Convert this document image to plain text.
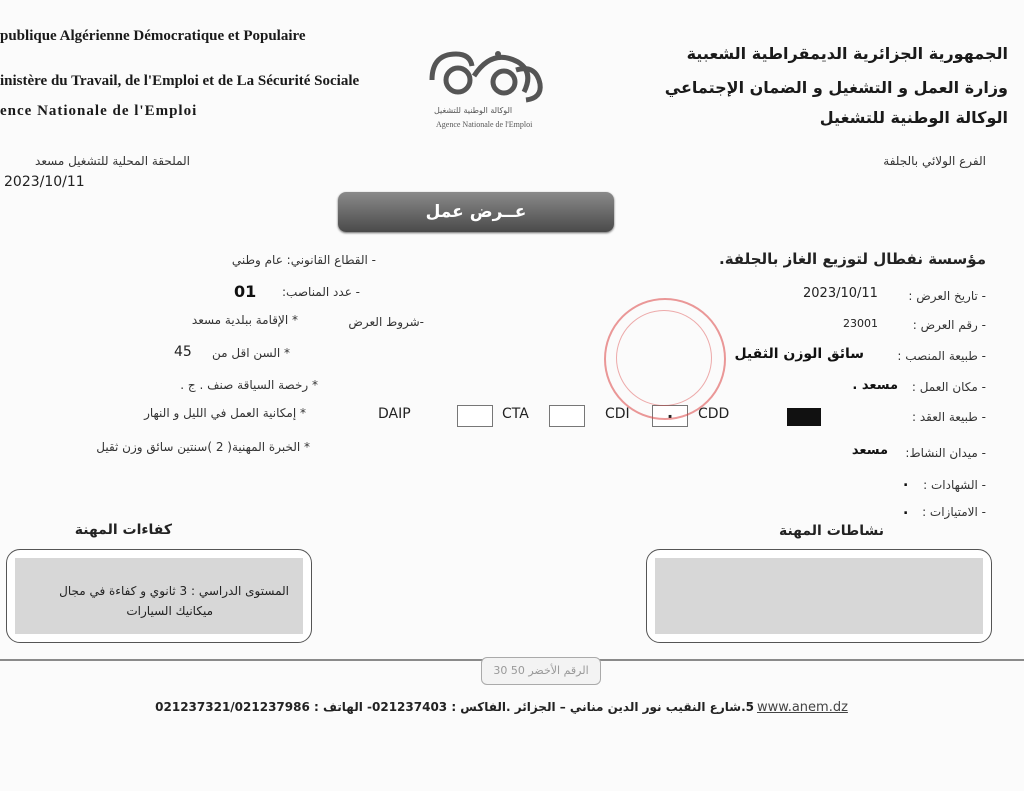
publique Algérienne Démocratique et Populaire
inistère du Travail, de l'Emploi et de La Sécurité Sociale
ence Nationale de l'Emploi
الجمهورية الجزائرية الديمقراطية الشعبية
وزارة العمل و التشغيل و الضمان الإجتماعي
الوكالة الوطنية للتشغيل
الوكالة الوطنية للتشغيل
Agence Nationale de l'Emploi
الملحقة المحلية للتشغيل مسعد
2023/10/11
الفرع الولائي بالجلفة
عــرض عمل
- القطاع القانوني: عام وطني
- عدد المناصب:
01
-شروط العرض
* الإقامة ببلدية مسعد
* السن اقل من
45
* رخصة السياقة صنف . ج .
* إمكانية العمل في الليل و النهار
* الخبرة المهنية( 2 )سنتين سائق وزن ثقيل
DAIP	CTA	CDI	.	CDD
مؤسسة نفطال لتوزيع الغاز بالجلفة.
- تاريخ العرض :
2023/10/11
- رقم العرض :
23001
- طبيعة المنصب :
سائق الوزن الثقيل
- مكان العمل :
مسعد .
- طبيعة العقد :
- ميدان النشاط:
مسعد
- الشهادات :
.
- الامتيازات :
.
كفاءات المهنة	نشاطات المهنة
المستوى الدراسي : 3 ثانوي و كفاءة في مجال
ميكانيك السيارات
الرقم الأخضر 50 30
5.شارع النقيب نور الدين مناني – الجزائر .الفاكس : 021237403- الهاتف : 021237321/021237986 www.anem.dz
